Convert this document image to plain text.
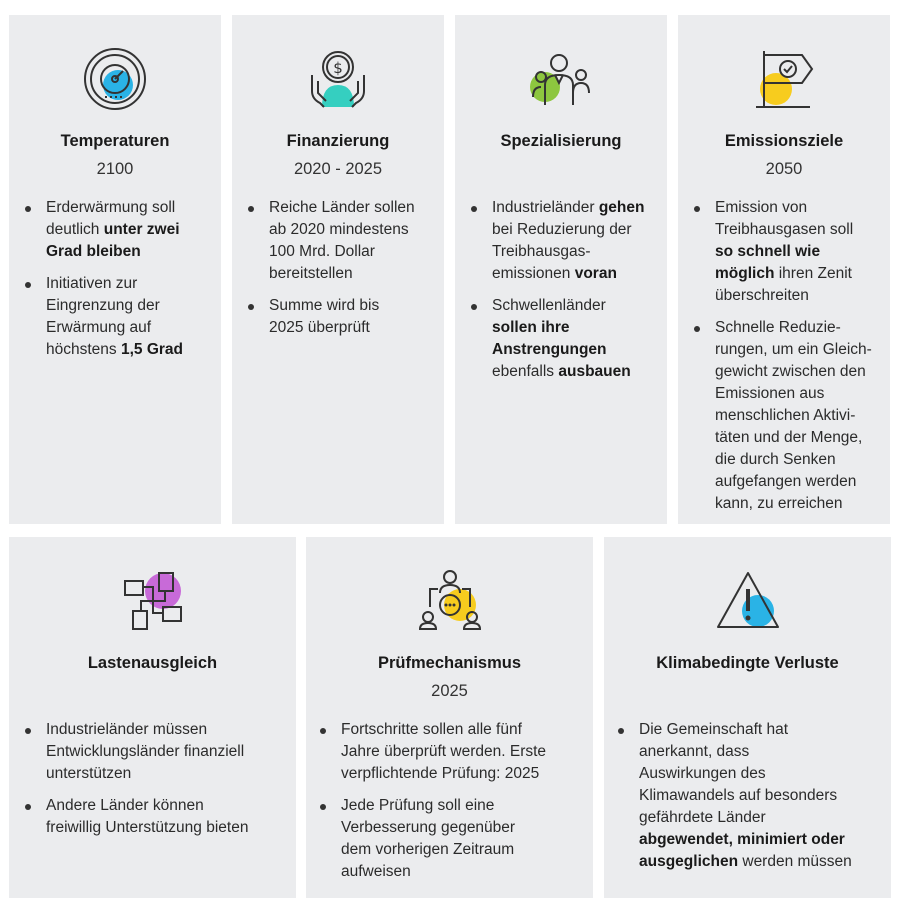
Temperaturen
2100
Erderwärmung soll
deutlich unter zwei
Grad bleiben
Initiativen zur
Eingrenzung der
Erwärmung auf
höchstens 1,5 Grad
$
Finanzierung
2020 - 2025
Reiche Länder sollen
ab 2020 mindestens
100 Mrd. Dollar
bereitstellen
Summe wird bis
2025 überprüft
Spezialisierung
Industrieländer gehen
bei Reduzierung der
Treibhausgas-
emissionen voran
Schwellenländer
sollen ihre
Anstrengungen
ebenfalls ausbauen
Emissionsziele
2050
Emission von
Treibhausgasen soll
so schnell wie
möglich ihren Zenit
überschreiten
Schnelle Reduzie-
rungen, um ein Gleich-
gewicht zwischen den
Emissionen aus
menschlichen Aktivi-
täten und der Menge,
die durch Senken
aufgefangen werden
kann, zu erreichen
Lastenausgleich
Industrieländer müssen
Entwicklungsländer finanziell
unterstützen
Andere Länder können
freiwillig Unterstützung bieten
Prüfmechanismus
2025
Fortschritte sollen alle fünf
Jahre überprüft werden. Erste
verpflichtende Prüfung: 2025
Jede Prüfung soll eine
Verbesserung gegenüber
dem vorherigen Zeitraum
aufweisen
Klimabedingte Verluste
Die Gemeinschaft hat
anerkannt, dass
Auswirkungen des
Klimawandels auf besonders
gefährdete Länder
abgewendet, minimiert oder
ausgeglichen werden müssen
